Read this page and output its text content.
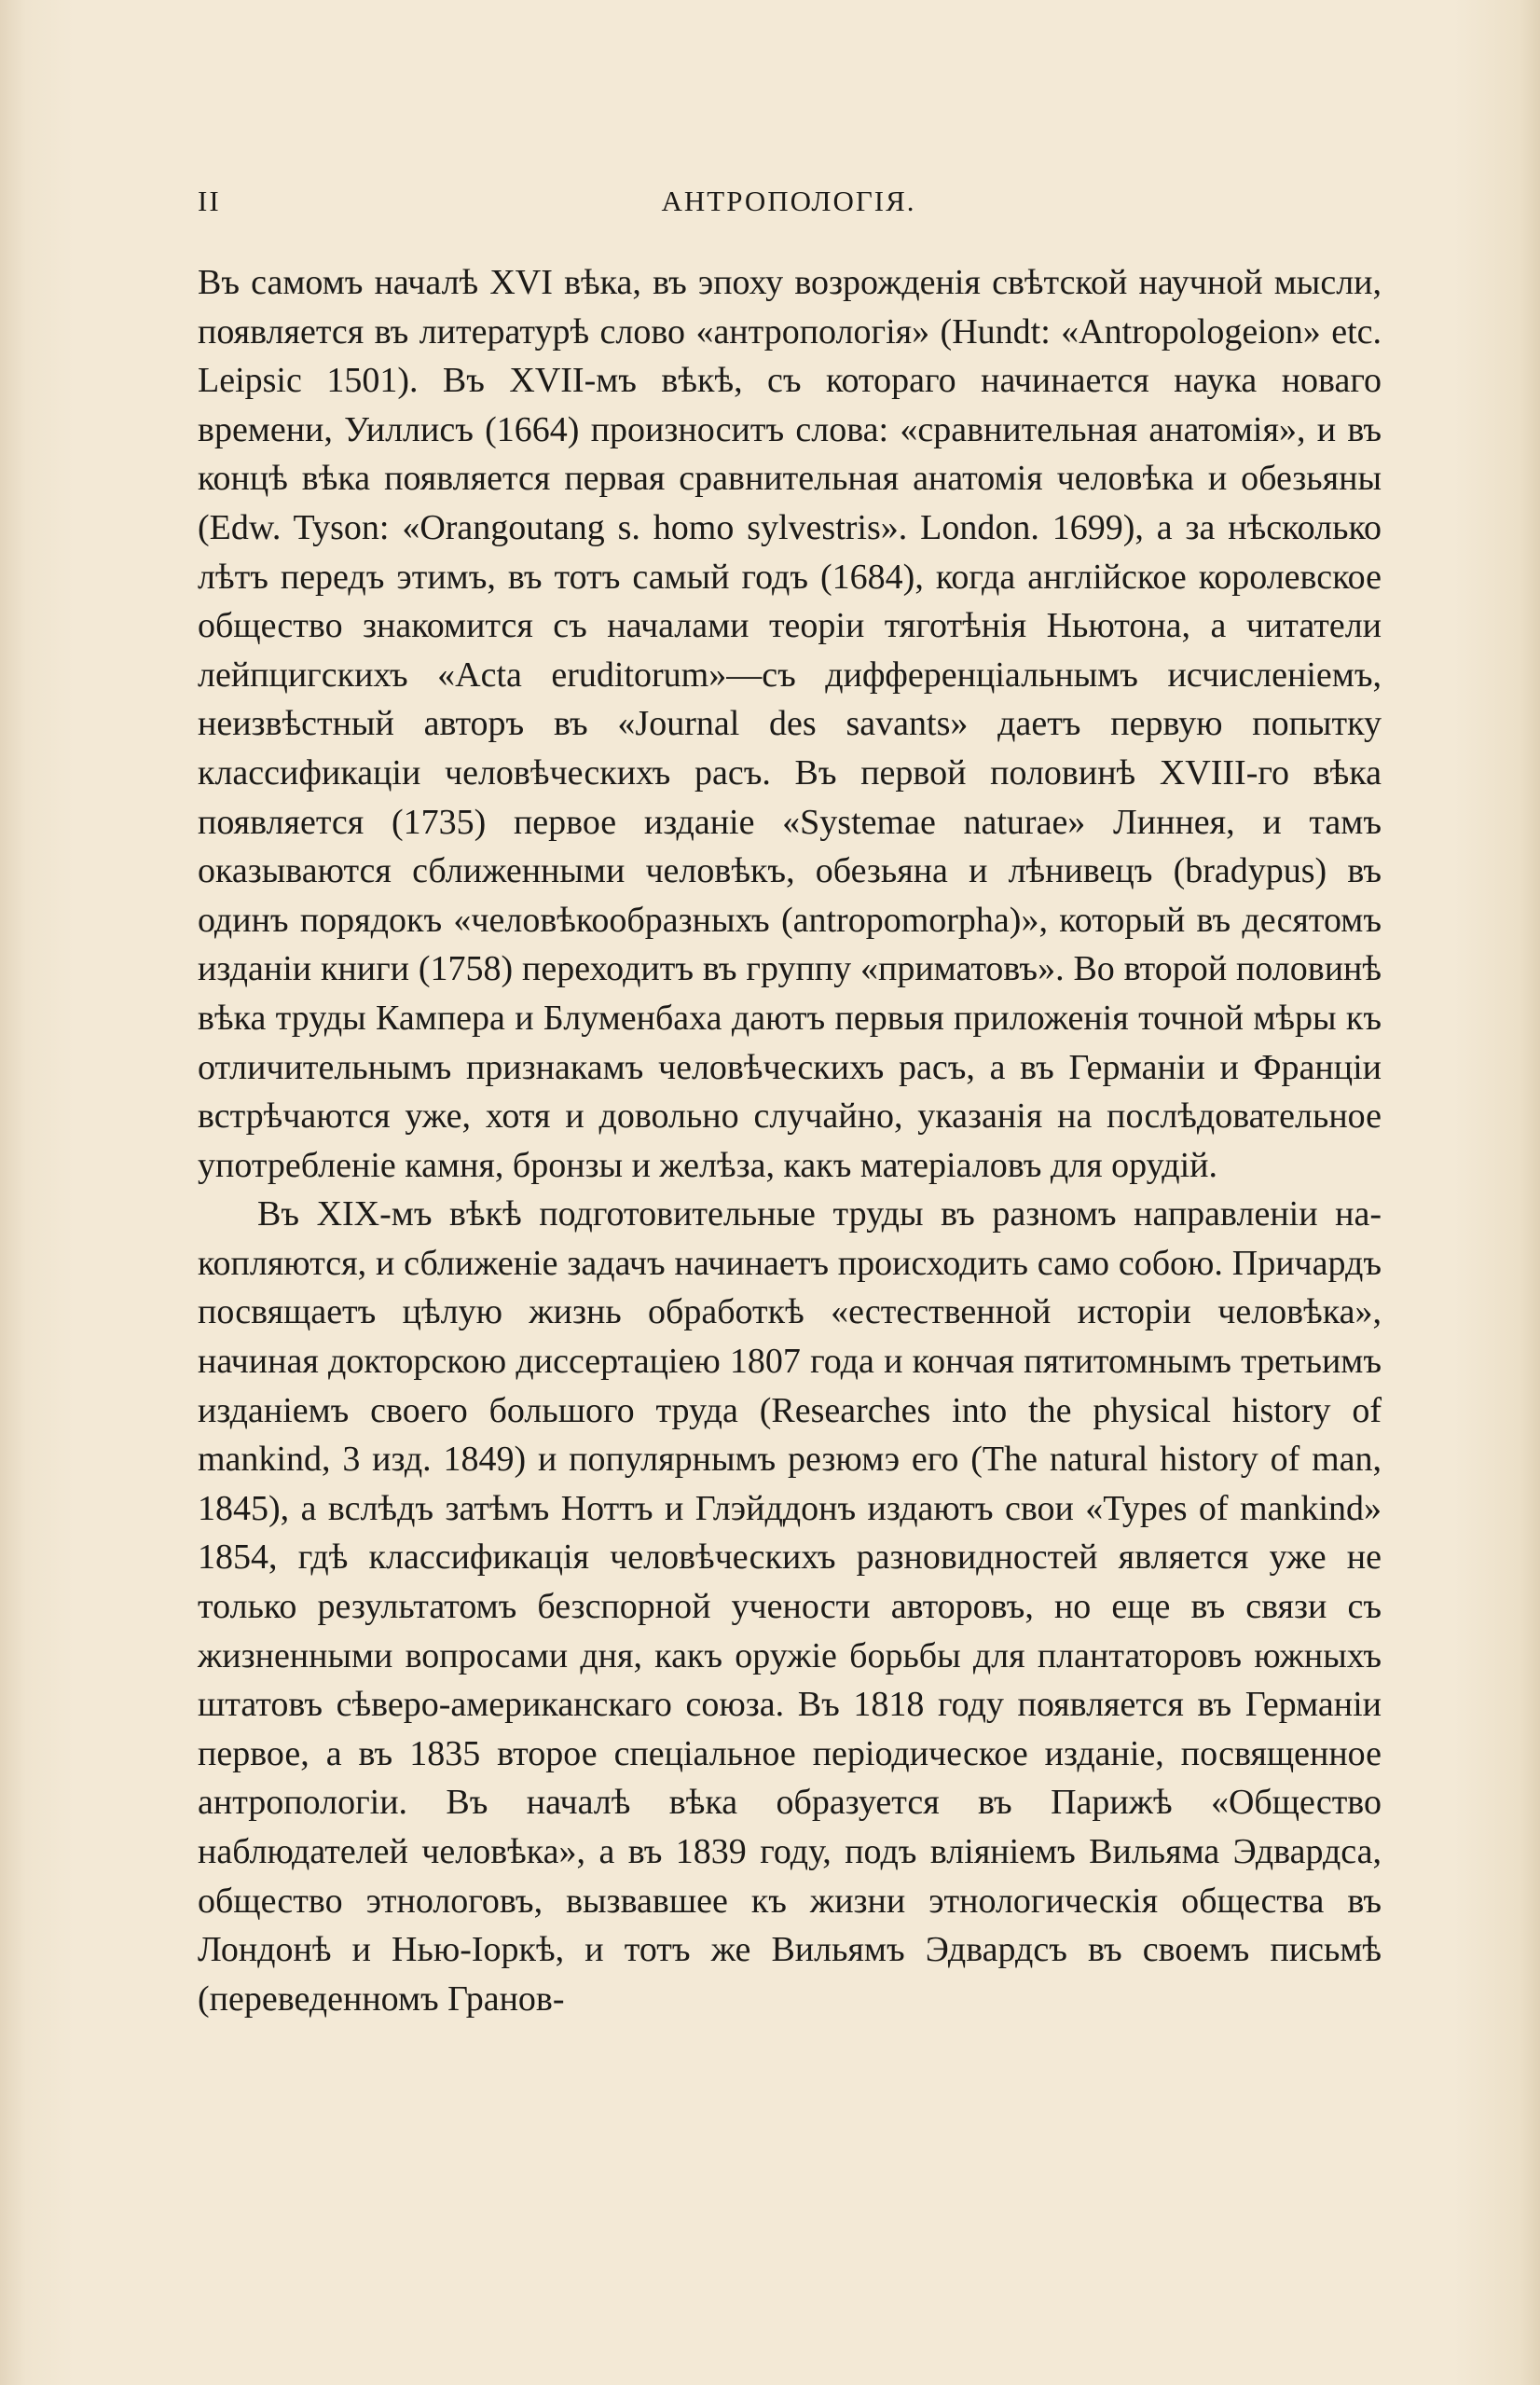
II	АНТРОПОЛОГІЯ.

Въ самомъ началѣ XVI вѣка, въ эпоху возрожденія свѣтской научной мысли, появляется въ литературѣ слово «антропологія» (Hundt: «Antropologeion» etc. Leipsic 1501). Въ XVII-мъ вѣкѣ, съ котораго начинается наука новаго времени, Уиллисъ (1664) произноситъ слова: «сравнительная анатомія», и въ концѣ вѣка появляется первая сравнительная анатомія человѣка и обезьяны (Edw. Tyson: «Orangoutang s. homo sylvestris». London. 1699), а за нѣсколько лѣтъ передъ этимъ, въ тотъ самый годъ (1684), когда англійское королевское общество знакомится съ началами теоріи тяготѣнія Ньютона, а читатели лейпцигскихъ «Acta eruditorum»—съ дифференціальнымъ исчисленіемъ, неизвѣстный авторъ въ «Journal des savants» даетъ первую попытку классификаціи человѣческихъ расъ. Въ первой половинѣ XVIII-го вѣка появляется (1735) первое изданіе «Systemae naturae» Линнея, и тамъ оказываются сближенными человѣкъ, обезьяна и лѣнивецъ (bradypus) въ одинъ порядокъ «человѣкообразныхъ (antropomorpha)», который въ десятомъ изданіи книги (1758) переходитъ въ группу «приматовъ». Во второй половинѣ вѣка труды Кампера и Блуменбаха даютъ первыя приложенія точной мѣры къ отличительнымъ признакамъ человѣческихъ расъ, а въ Германіи и Франціи встрѣчаются уже, хотя и довольно случайно, указанія на послѣдовательное употребленіе камня, бронзы и желѣза, какъ матеріаловъ для орудій.

Въ XIX-мъ вѣкѣ подготовительные труды въ разномъ направленіи накопляются, и сближеніе задачъ начинаетъ происходить само собою. Причардъ посвящаетъ цѣлую жизнь обработкѣ «естественной исторіи человѣка», начиная докторскою диссертаціею 1807 года и кончая пятитомнымъ третьимъ изданіемъ своего большого труда (Researches into the physical history of mankind, 3 изд. 1849) и популярнымъ резюмэ его (The natural history of man, 1845), а вслѣдъ затѣмъ Ноттъ и Глэйддонъ издаютъ свои «Types of mankind» 1854, гдѣ классификація человѣческихъ разновидностей является уже не только результатомъ безспорной учености авторовъ, но еще въ связи съ жизненными вопросами дня, какъ оружіе борьбы для плантаторовъ южныхъ штатовъ сѣверо-американскаго союза. Въ 1818 году появляется въ Германіи первое, а въ 1835 второе спеціальное періодическое изданіе, посвященное антропологіи. Въ началѣ вѣка образуется въ Парижѣ «Общество наблюдателей человѣка», а въ 1839 году, подъ вліяніемъ Вильяма Эдвардса, общество этнологовъ, вызвавшее къ жизни этнологическія общества въ Лондонѣ и Нью-Іоркѣ, и тотъ же Вильямъ Эдвардсъ въ своемъ письмѣ (переведенномъ Гранов-
